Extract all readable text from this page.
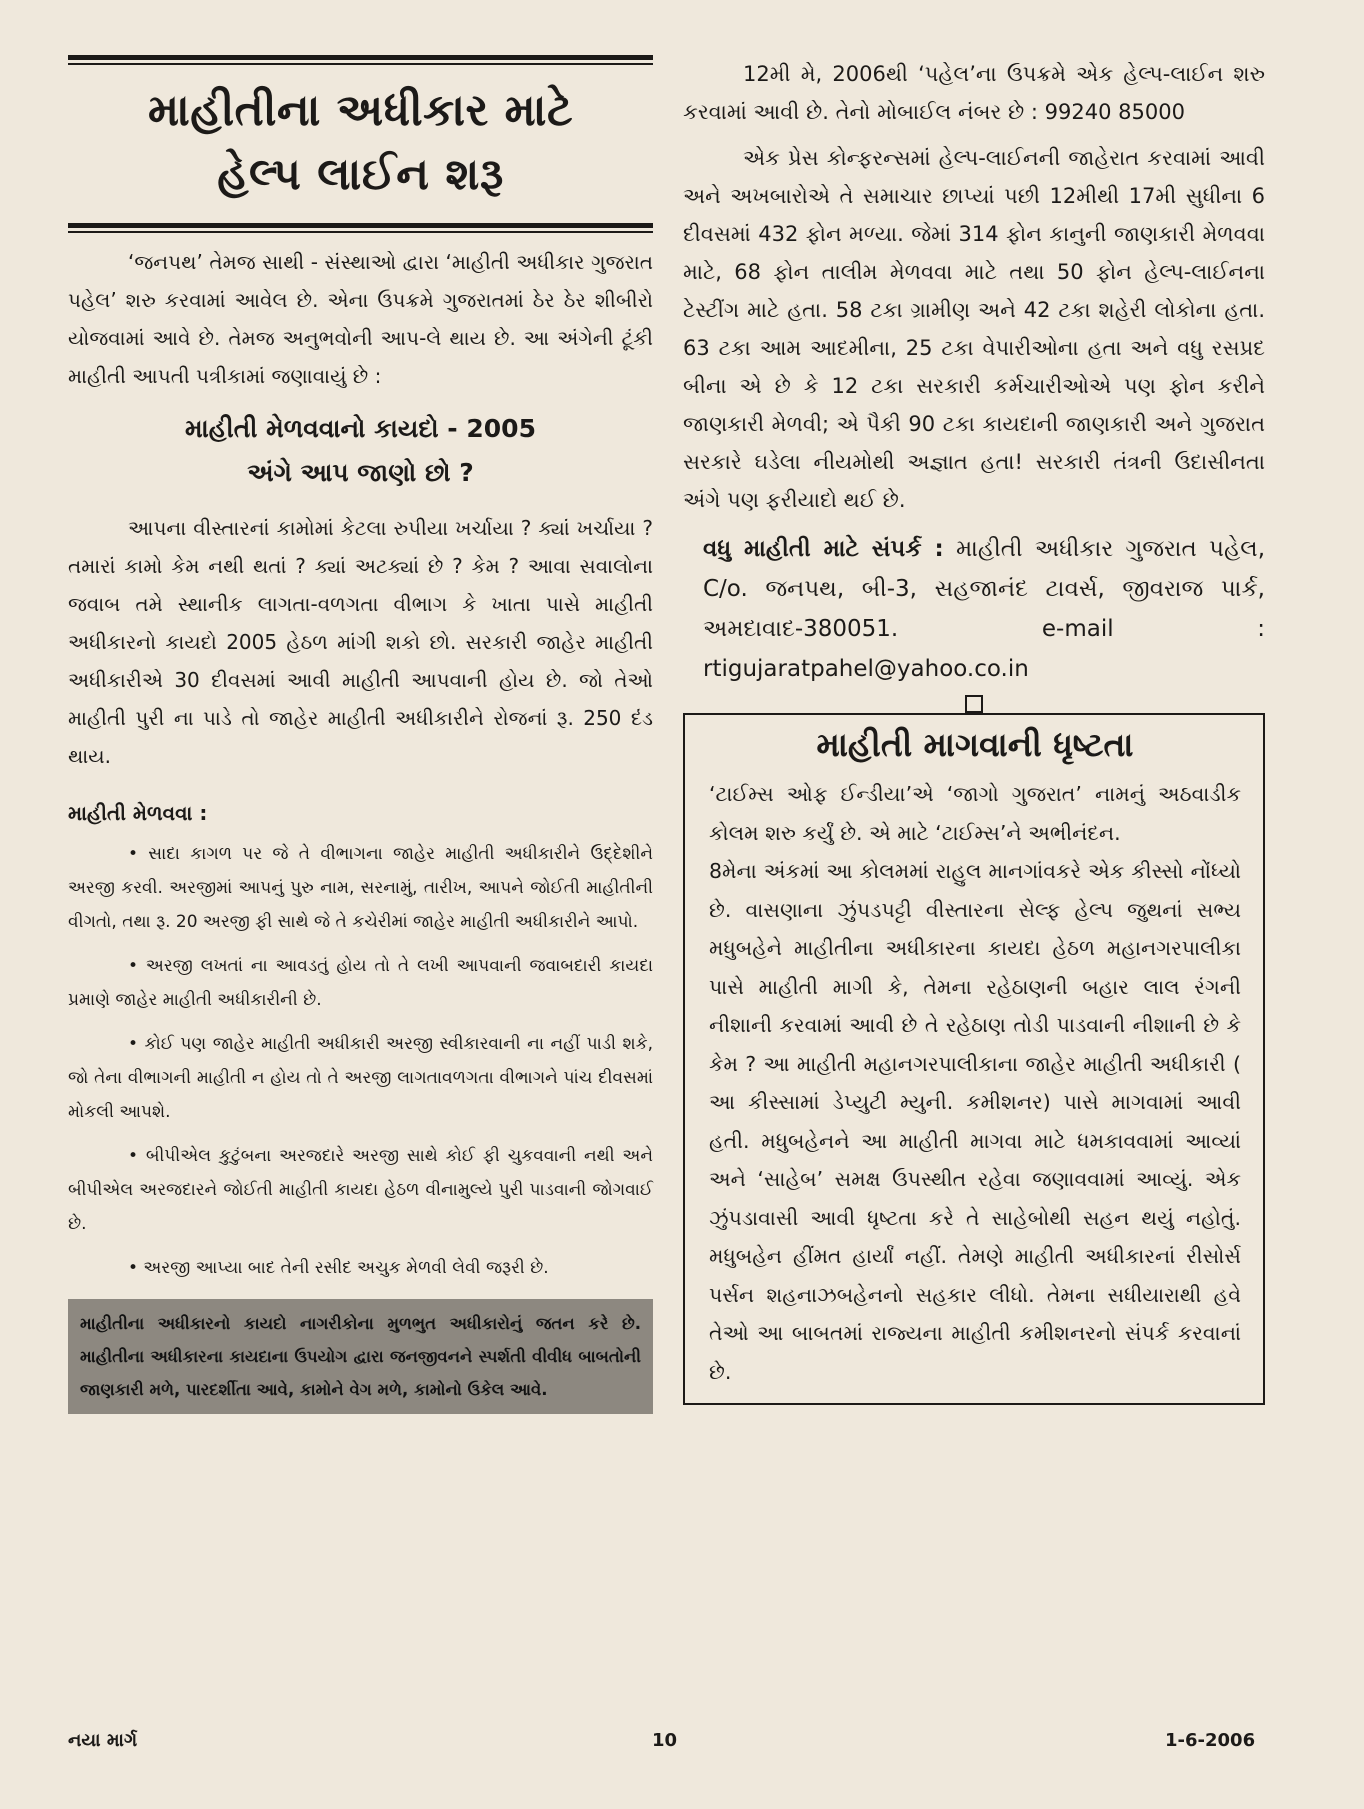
માહીતીના અધીકાર માટે
હેલ્પ લાઈન શરૂ

‘જનપથ’ તેમજ સાથી - સંસ્થાઓ દ્વારા ‘માહીતી અધીકાર ગુજરાત પહેલ’ શરુ કરવામાં આવેલ છે. એના ઉપક્રમે ગુજરાતમાં ઠેર ઠેર શીબીરો યોજવામાં આવે છે. તેમજ અનુભવોની આપ-લે થાય છે. આ અંગેની ટૂંકી માહીતી આપતી પત્રીકામાં જણાવાયું છે :

માહીતી મેળવવાનો કાયદો - 2005
અંગે આપ જાણો છો ?

આપના વીસ્તારનાં કામોમાં કેટલા રુપીયા ખર્ચાયા ? ક્યાં ખર્ચાયા ? તમારાં કામો કેમ નથી થતાં ? ક્યાં અટક્યાં છે ? કેમ ? આવા સવાલોના જવાબ તમે સ્થાનીક લાગતા-વળગતા વીભાગ કે ખાતા પાસે માહીતી અધીકારનો કાયદો 2005 હેઠળ માંગી શકો છો. સરકારી જાહેર માહીતી અધીકારીએ 30 દીવસમાં આવી માહીતી આપવાની હોય છે. જો તેઓ માહીતી પુરી ના પાડે તો જાહેર માહીતી અધીકારીને રોજનાં રૂ. 250 દંડ થાય.

માહીતી મેળવવા :

• સાદા કાગળ પર જે તે વીભાગના જાહેર માહીતી અધીકારીને ઉદ્દેશીને અરજી કરવી. અરજીમાં આપનું પુરુ નામ, સરનામું, તારીખ, આપને જોઈતી માહીતીની વીગતો, તથા રૂ. 20 અરજી ફી સાથે જે તે કચેરીમાં જાહેર માહીતી અધીકારીને આપો.

• અરજી લખતાં ના આવડતું હોય તો તે લખી આપવાની જવાબદારી કાયદા પ્રમાણે જાહેર માહીતી અધીકારીની છે.

• કોઈ પણ જાહેર માહીતી અધીકારી અરજી સ્વીકારવાની ના નહીં પાડી શકે, જો તેના વીભાગની માહીતી ન હોય તો તે અરજી લાગતાવળગતા વીભાગને પાંચ દીવસમાં મોકલી આપશે.

• બીપીએલ કુટુંબના અરજદારે અરજી સાથે કોઈ ફી ચુકવવાની નથી અને બીપીએલ અરજદારને જોઈતી માહીતી કાયદા હેઠળ વીનામુલ્યે પુરી પાડવાની જોગવાઈ છે.

• અરજી આપ્યા બાદ તેની રસીદ અચુક મેળવી લેવી જરૂરી છે.

માહીતીના અધીકારનો કાયદો નાગરીકોના મુળભુત અધીકારોનું જતન કરે છે. માહીતીના અધીકારના કાયદાના ઉપયોગ દ્વારા જનજીવનને સ્પર્શતી વીવીધ બાબતોની જાણકારી મળે, પારદર્શીતા આવે, કામોને વેગ મળે, કામોનો ઉકેલ આવે.

12મી મે, 2006થી ‘પહેલ’ના ઉપક્રમે એક હેલ્પ-લાઈન શરુ કરવામાં આવી છે. તેનો મોબાઈલ નંબર છે : 99240 85000

એક પ્રેસ કોન્ફરન્સમાં હેલ્પ-લાઈનની જાહેરાત કરવામાં આવી અને અખબારોએ તે સમાચાર છાપ્યાં પછી 12મીથી 17મી સુધીના 6 દીવસમાં 432 ફોન મળ્યા. જેમાં 314 ફોન કાનુની જાણકારી મેળવવા માટે, 68 ફોન તાલીમ મેળવવા માટે તથા 50 ફોન હેલ્પ-લાઈનના ટેસ્ટીંગ માટે હતા. 58 ટકા ગ્રામીણ અને 42 ટકા શહેરી લોકોના હતા. 63 ટકા આમ આદમીના, 25 ટકા વેપારીઓના હતા અને વધુ રસપ્રદ બીના એ છે કે 12 ટકા સરકારી કર્મચારીઓએ પણ ફોન કરીને જાણકારી મેળવી; એ પૈકી 90 ટકા કાયદાની જાણકારી અને ગુજરાત સરકારે ઘડેલા નીયમોથી અજ્ઞાત હતા! સરકારી તંત્રની ઉદાસીનતા અંગે પણ ફરીયાદો થઈ છે.

વધુ માહીતી માટે સંપર્ક : માહીતી અધીકાર ગુજરાત પહેલ, C/o. જનપથ, બી-3, સહજાનંદ ટાવર્સ, જીવરાજ પાર્ક, અમદાવાદ-380051. e-mail : rtigujaratpahel@yahoo.co.in
માહીતી માગવાની ધૃષ્ટતા

‘ટાઈમ્સ ઓફ ઈન્ડીયા’એ ‘જાગો ગુજરાત’ નામનું અઠવાડીક કોલમ શરુ કર્યું છે. એ માટે ‘ટાઈમ્સ’ને અભીનંદન.

8મેના અંકમાં આ કોલમમાં રાહુલ માનગાંવકરે એક કીસ્સો નોંધ્યો છે. વાસણાના ઝુંપડપટ્ટી વીસ્તારના સેલ્ફ હેલ્પ જુથનાં સભ્ય મધુબહેને માહીતીના અધીકારના કાયદા હેઠળ મહાનગરપાલીકા પાસે માહીતી માગી કે, તેમના રહેઠાણની બહાર લાલ રંગની નીશાની કરવામાં આવી છે તે રહેઠાણ તોડી પાડવાની નીશાની છે કે કેમ ? આ માહીતી મહાનગરપાલીકાના જાહેર માહીતી અધીકારી ( આ કીસ્સામાં ડેપ્યુટી મ્યુની. કમીશનર) પાસે માગવામાં આવી હતી. મધુબહેનને આ માહીતી માગવા માટે ધમકાવવામાં આવ્યાં અને ‘સાહેબ’ સમક્ષ ઉપસ્થીત રહેવા જણાવવામાં આવ્યું. એક ઝુંપડાવાસી આવી ધૃષ્ટતા કરે તે સાહેબોથી સહન થયું નહોતું. મધુબહેન હીંમત હાર્યાં નહીં. તેમણે માહીતી અધીકારનાં રીસોર્સ પર્સન શહનાઝબહેનનો સહકાર લીધો. તેમના સધીયારાથી હવે તેઓ આ બાબતમાં રાજ્યના માહીતી કમીશનરનો સંપર્ક કરવાનાં છે.

નયા માર્ગ	10	1-6-2006
